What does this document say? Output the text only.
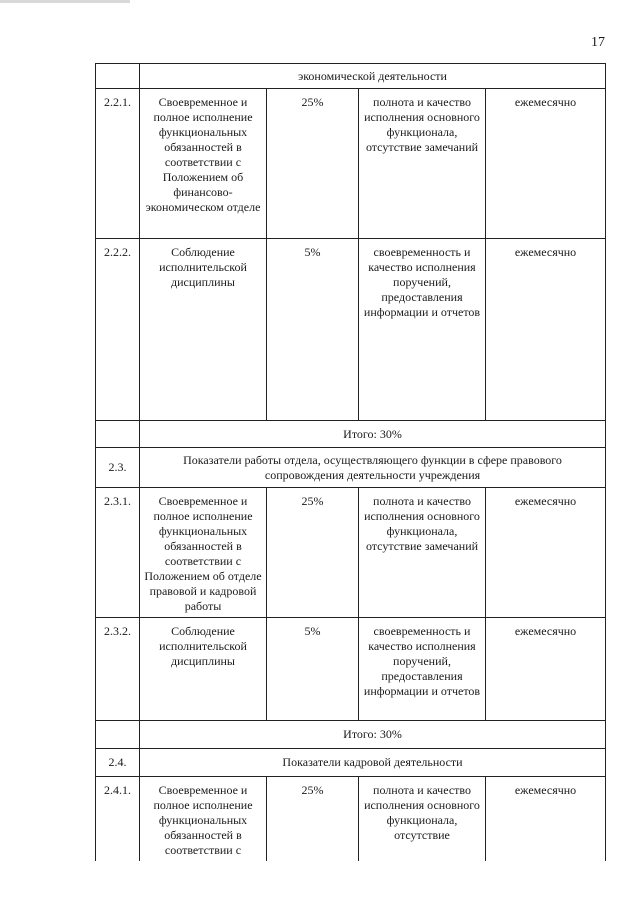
17
	экономической деятельности			
2.2.1.	Своевременное и полное исполнение функциональных обязанностей в соответствии с Положением об финансово-экономическом отделе	25%	полнота и качество исполнения основного функционала, отсутствие замечаний	ежемесячно
2.2.2.	Соблюдение исполнительской дисциплины	5%	своевременность и качество исполнения поручений, предоставления информации и отчетов	ежемесячно
	Итого: 30%			
2.3.	Показатели работы отдела, осуществляющего функции в сфере правового сопровождения деятельности учреждения			
2.3.1.	Своевременное и полное исполнение функциональных обязанностей в соответствии с Положением об отделе правовой и кадровой работы	25%	полнота и качество исполнения основного функционала, отсутствие замечаний	ежемесячно
2.3.2.	Соблюдение исполнительской дисциплины	5%	своевременность и качество исполнения поручений, предоставления информации и отчетов	ежемесячно
	Итого: 30%			
2.4.	Показатели кадровой деятельности			
2.4.1.	Своевременное и полное исполнение функциональных обязанностей в соответствии с	25%	полнота и качество исполнения основного функционала, отсутствие	ежемесячно
